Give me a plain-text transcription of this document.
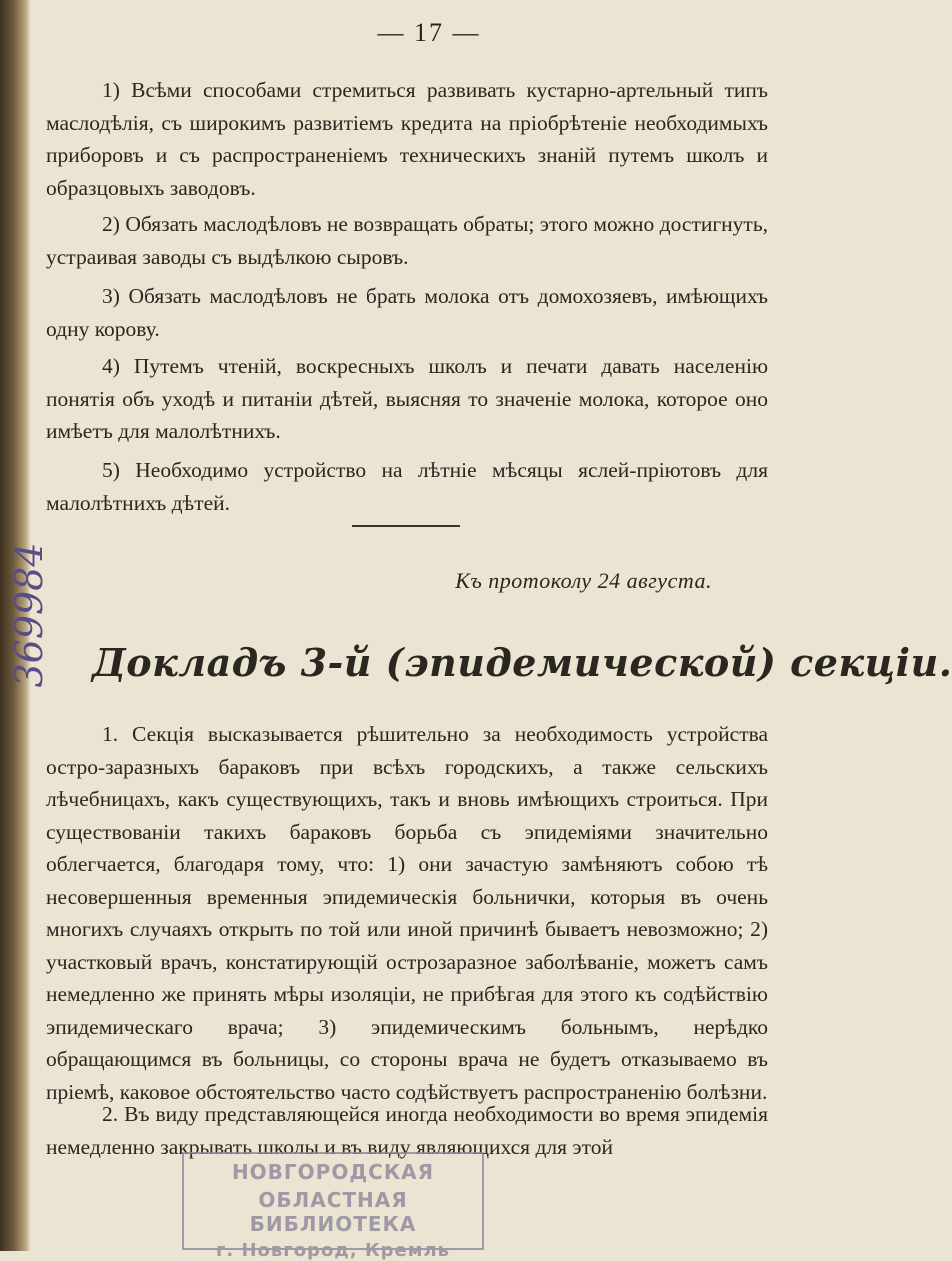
— 17 —

1) Всѣми способами стремиться развивать кустарно-артельный типъ маслодѣлія, съ широкимъ развитіемъ кредита на пріобрѣтеніе необходимыхъ приборовъ и съ распространеніемъ техническихъ знаній путемъ школъ и образцовыхъ заводовъ.

2) Обязать маслодѣловъ не возвращать обраты; этого можно достигнуть, устраивая заводы съ выдѣлкою сыровъ.

3) Обязать маслодѣловъ не брать молока отъ домохозяевъ, имѣющихъ одну корову.

4) Путемъ чтеній, воскресныхъ школъ и печати давать населенію понятія объ уходѣ и питаніи дѣтей, выясняя то значеніе молока, которое оно имѣетъ для малолѣтнихъ.

5) Необходимо устройство на лѣтніе мѣсяцы яслей-пріютовъ для малолѣтнихъ дѣтей.

Къ протоколу 24 августа.
Докладъ 3-й (эпидемической) секціи.

1. Секція высказывается рѣшительно за необходимость устройства остро-заразныхъ бараковъ при всѣхъ городскихъ, а также сельскихъ лѣчебницахъ, какъ существующихъ, такъ и вновь имѣющихъ строиться. При существованіи такихъ бараковъ борьба съ эпидеміями значительно облегчается, благодаря тому, что: 1) они зачастую замѣняютъ собою тѣ несовершенныя временныя эпидемическія больнички, которыя въ очень многихъ случаяхъ открыть по той или иной причинѣ бываетъ невозможно; 2) участковый врачъ, констатирующій острозаразное заболѣваніе, можетъ самъ немедленно же принять мѣры изоляціи, не прибѣгая для этого къ содѣйствію эпидемическаго врача; 3) эпидемическимъ больнымъ, нерѣдко обращающимся въ больницы, со стороны врача не будетъ отказываемо въ пріемѣ, каковое обстоятельство часто содѣйствуетъ распространенію болѣзни.

2. Въ виду представляющейся иногда необходимости во время эпидемія немедленно закрывать школы и въ виду являющихся для этой

369984
НОВГОРОДСКАЯ
ОБЛАСТНАЯ БИБЛИОТЕКА
г. Новгород, Кремль
